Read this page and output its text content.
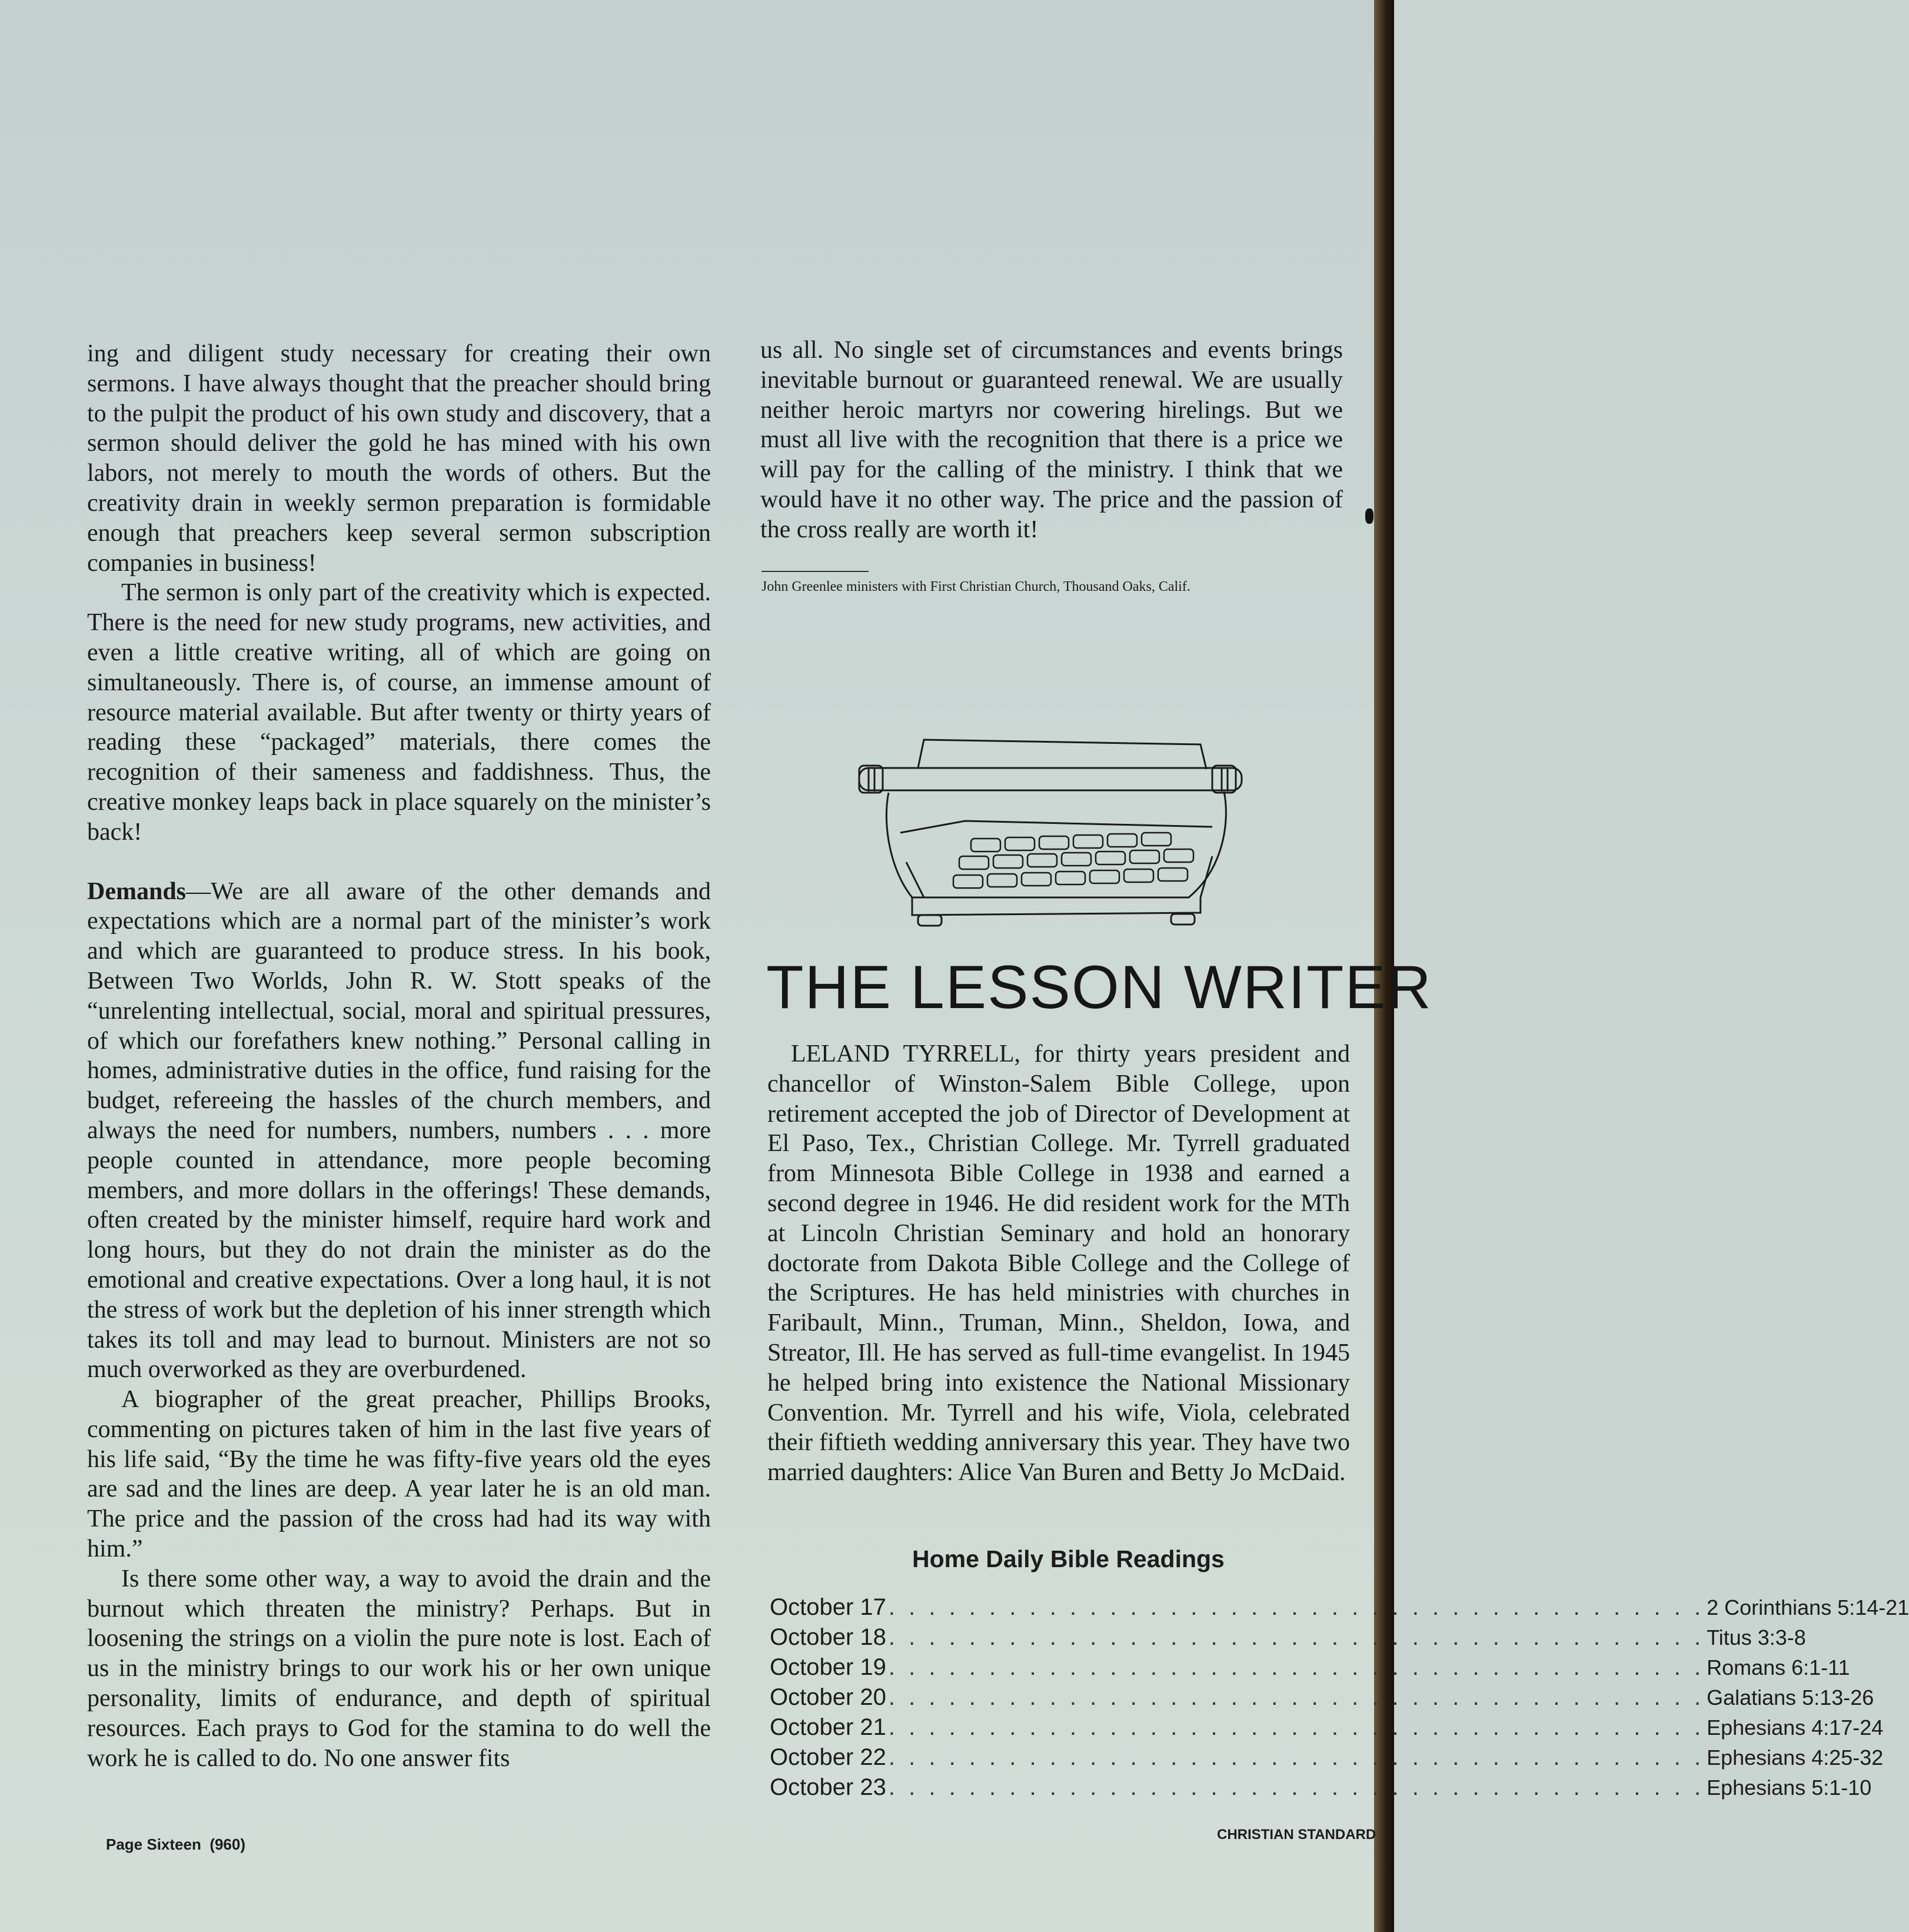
ing and diligent study necessary for creating their own sermons. I have always thought that the preacher should bring to the pulpit the product of his own study and discovery, that a sermon should deliver the gold he has mined with his own labors, not merely to mouth the words of others. But the creativity drain in weekly sermon preparation is formidable enough that preachers keep several sermon subscription companies in business!

The sermon is only part of the creativity which is expected. There is the need for new study programs, new activities, and even a little creative writing, all of which are going on simultaneously. There is, of course, an immense amount of resource material available. But after twenty or thirty years of reading these “packaged” materials, there comes the recognition of their sameness and faddishness. Thus, the creative monkey leaps back in place squarely on the minister’s back!

Demands—We are all aware of the other demands and expectations which are a normal part of the minister’s work and which are guaranteed to produce stress. In his book, Between Two Worlds, John R. W. Stott speaks of the “unrelenting intellectual, social, moral and spiritual pressures, of which our forefathers knew nothing.” Personal calling in homes, administrative duties in the office, fund raising for the budget, refereeing the hassles of the church members, and always the need for numbers, numbers, numbers . . . more people counted in attendance, more people becoming members, and more dollars in the offerings! These demands, often created by the minister himself, require hard work and long hours, but they do not drain the minister as do the emotional and creative expectations. Over a long haul, it is not the stress of work but the depletion of his inner strength which takes its toll and may lead to burnout. Ministers are not so much overworked as they are overburdened.

A biographer of the great preacher, Phillips Brooks, commenting on pictures taken of him in the last five years of his life said, “By the time he was fifty-five years old the eyes are sad and the lines are deep. A year later he is an old man. The price and the passion of the cross had had its way with him.”

Is there some other way, a way to avoid the drain and the burnout which threaten the ministry? Perhaps. But in loosening the strings on a violin the pure note is lost. Each of us in the ministry brings to our work his or her own unique personality, limits of endurance, and depth of spiritual resources. Each prays to God for the stamina to do well the work he is called to do. No one answer fits

us all. No single set of circumstances and events brings inevitable burnout or guaranteed renewal. We are usually neither heroic martyrs nor cowering hirelings. But we must all live with the recognition that there is a price we will pay for the calling of the ministry. I think that we would have it no other way. The price and the passion of the cross really are worth it!

John Greenlee ministers with First Christian Church, Thousand Oaks, Calif.
THE LESSON WRITER

LELAND TYRRELL, for thirty years president and chancellor of Winston-Salem Bible College, upon retirement accepted the job of Director of Development at El Paso, Tex., Christian College. Mr. Tyrrell graduated from Minnesota Bible College in 1938 and earned a second degree in 1946. He did resident work for the MTh at Lincoln Christian Seminary and hold an honorary doctorate from Dakota Bible College and the College of the Scriptures. He has held ministries with churches in Faribault, Minn., Truman, Minn., Sheldon, Iowa, and Streator, Ill. He has served as full-time evangelist. In 1945 he helped bring into existence the National Missionary Convention. Mr. Tyrrell and his wife, Viola, celebrated their fiftieth wedding anniversary this year. They have two married daughters: Alice Van Buren and Betty Jo McDaid.

Home Daily Bible Readings
October 17 . . . . . . . . . . . . . . . . . . . . . . . . . . . . . . . . . . . . . . . . . 2 Corinthians 5:14-21
October 18 . . . . . . . . . . . . . . . . . . . . . . . . . . . . . . . . . . . . . . . . . Titus 3:3-8
October 19 . . . . . . . . . . . . . . . . . . . . . . . . . . . . . . . . . . . . . . . . . Romans 6:1-11
October 20 . . . . . . . . . . . . . . . . . . . . . . . . . . . . . . . . . . . . . . . . . Galatians 5:13-26
October 21 . . . . . . . . . . . . . . . . . . . . . . . . . . . . . . . . . . . . . . . . . Ephesians 4:17-24
October 22 . . . . . . . . . . . . . . . . . . . . . . . . . . . . . . . . . . . . . . . . . Ephesians 4:25-32
October 23 . . . . . . . . . . . . . . . . . . . . . . . . . . . . . . . . . . . . . . . . . Ephesians 5:1-10
Page Sixteen (960)
CHRISTIAN STANDARD
